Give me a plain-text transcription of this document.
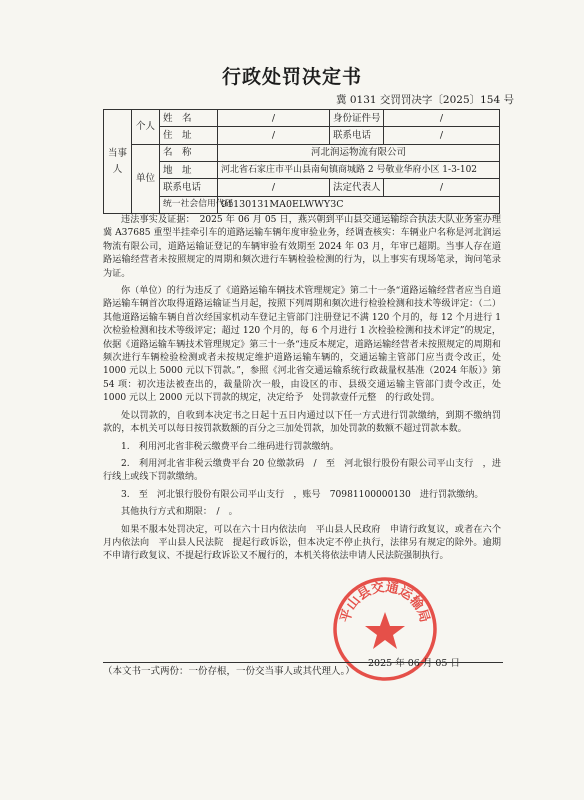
行政处罚决定书
冀 0131 交罚罚决字〔2025〕154 号
当事人	个人	姓　名	/	身份证件号	/
		住　址	/	联系电话	/
	单位	名　称	河北润运物流有限公司		
		地　址	河北省石家庄市平山县南甸镇商城路 2 号敬业华府小区 1-3-102		
		联系电话	/	法定代表人	/
		统一社会信用代码	91130131MA0ELWWY3C		

违法事实及证据：　2025 年 06 月 05 日，燕兴朝到平山县交通运输综合执法大队业务室办理冀 A37685 重型半挂牵引车的道路运输车辆年度审验业务，经调查核实：车辆业户名称是河北润运物流有限公司，道路运输证登记的车辆审验有效期至 2024 年 03 月，年审已超期。当事人存在道路运输经营者未按照规定的周期和频次进行车辆检验检测的行为，以上事实有现场笔录，询问笔录为证。

你（单位）的行为违反了《道路运输车辆技术管理规定》第二十一条“道路运输经营者应当自道路运输车辆首次取得道路运输证当月起，按照下列周期和频次进行检验检测和技术等级评定：（二）其他道路运输车辆自首次经国家机动车登记主管部门注册登记不满 120 个月的，每 12 个月进行 1 次检验检测和技术等级评定；超过 120 个月的，每 6 个月进行 1 次检验检测和技术评定”的规定，依据《道路运输车辆技术管理规定》第三十一条“违反本规定，道路运输经营者未按照规定的周期和频次进行车辆检验检测或者未按规定维护道路运输车辆的，交通运输主管部门应当责令改正，处 1000 元以上 5000 元以下罚款。”，参照《河北省交通运输系统行政裁量权基准（2024 年版）》第 54 项：初次违法被查出的，裁量阶次一般，由设区的市、县级交通运输主管部门责令改正，处 1000 元以上 2000 元以下罚款的规定，决定给予　处罚款壹仟元整　的行政处罚。

处以罚款的，自收到本决定书之日起十五日内通过以下任一方式进行罚款缴纳，到期不缴纳罚款的，本机关可以每日按罚款数额的百分之三加处罚款，加处罚款的数额不超过罚款本数。

1.　利用河北省非税云缴费平台二维码进行罚款缴纳。

2.　利用河北省非税云缴费平台 20 位缴款码　/　至　河北银行股份有限公司平山支行　，进行线上或线下罚款缴纳。

3.　至　河北银行股份有限公司平山支行　，账号　70981100000130　进行罚款缴纳。

其他执行方式和期限：　/　。

如果不服本处罚决定，可以在六十日内依法向　平山县人民政府　申请行政复议，或者在六个月内依法向　平山县人民法院　提起行政诉讼，但本决定不停止执行，法律另有规定的除外。逾期不申请行政复议、不提起行政诉讼又不履行的，本机关将依法申请人民法院强制执行。

平山县交通运输局
2025 年 06 月 05 日
（本文书一式两份：一份存根，一份交当事人或其代理人。）
